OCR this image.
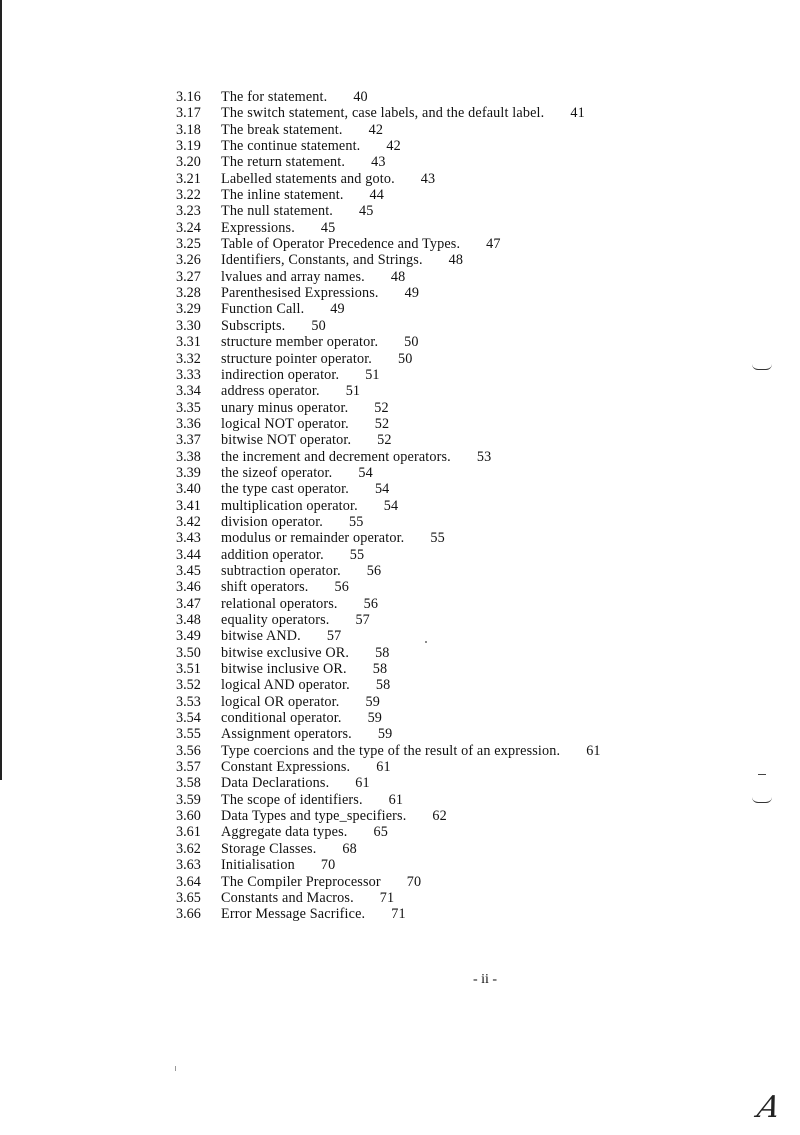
3.16 The for statement. 40
3.17 The switch statement, case labels, and the default label. 41
3.18 The break statement. 42
3.19 The continue statement. 42
3.20 The return statement. 43
3.21 Labelled statements and goto. 43
3.22 The inline statement. 44
3.23 The null statement. 45
3.24 Expressions. 45
3.25 Table of Operator Precedence and Types. 47
3.26 Identifiers, Constants, and Strings. 48
3.27 lvalues and array names. 48
3.28 Parenthesised Expressions. 49
3.29 Function Call. 49
3.30 Subscripts. 50
3.31 structure member operator. 50
3.32 structure pointer operator. 50
3.33 indirection operator. 51
3.34 address operator. 51
3.35 unary minus operator. 52
3.36 logical NOT operator. 52
3.37 bitwise NOT operator. 52
3.38 the increment and decrement operators. 53
3.39 the sizeof operator. 54
3.40 the type cast operator. 54
3.41 multiplication operator. 54
3.42 division operator. 55
3.43 modulus or remainder operator. 55
3.44 addition operator. 55
3.45 subtraction operator. 56
3.46 shift operators. 56
3.47 relational operators. 56
3.48 equality operators. 57
3.49 bitwise AND. 57
3.50 bitwise exclusive OR. 58
3.51 bitwise inclusive OR. 58
3.52 logical AND operator. 58
3.53 logical OR operator. 59
3.54 conditional operator. 59
3.55 Assignment operators. 59
3.56 Type coercions and the type of the result of an expression. 61
3.57 Constant Expressions. 61
3.58 Data Declarations. 61
3.59 The scope of identifiers. 61
3.60 Data Types and type_specifiers. 62
3.61 Aggregate data types. 65
3.62 Storage Classes. 68
3.63 Initialisation 70
3.64 The Compiler Preprocessor 70
3.65 Constants and Macros. 71
3.66 Error Message Sacrifice. 71
- ii -
A
